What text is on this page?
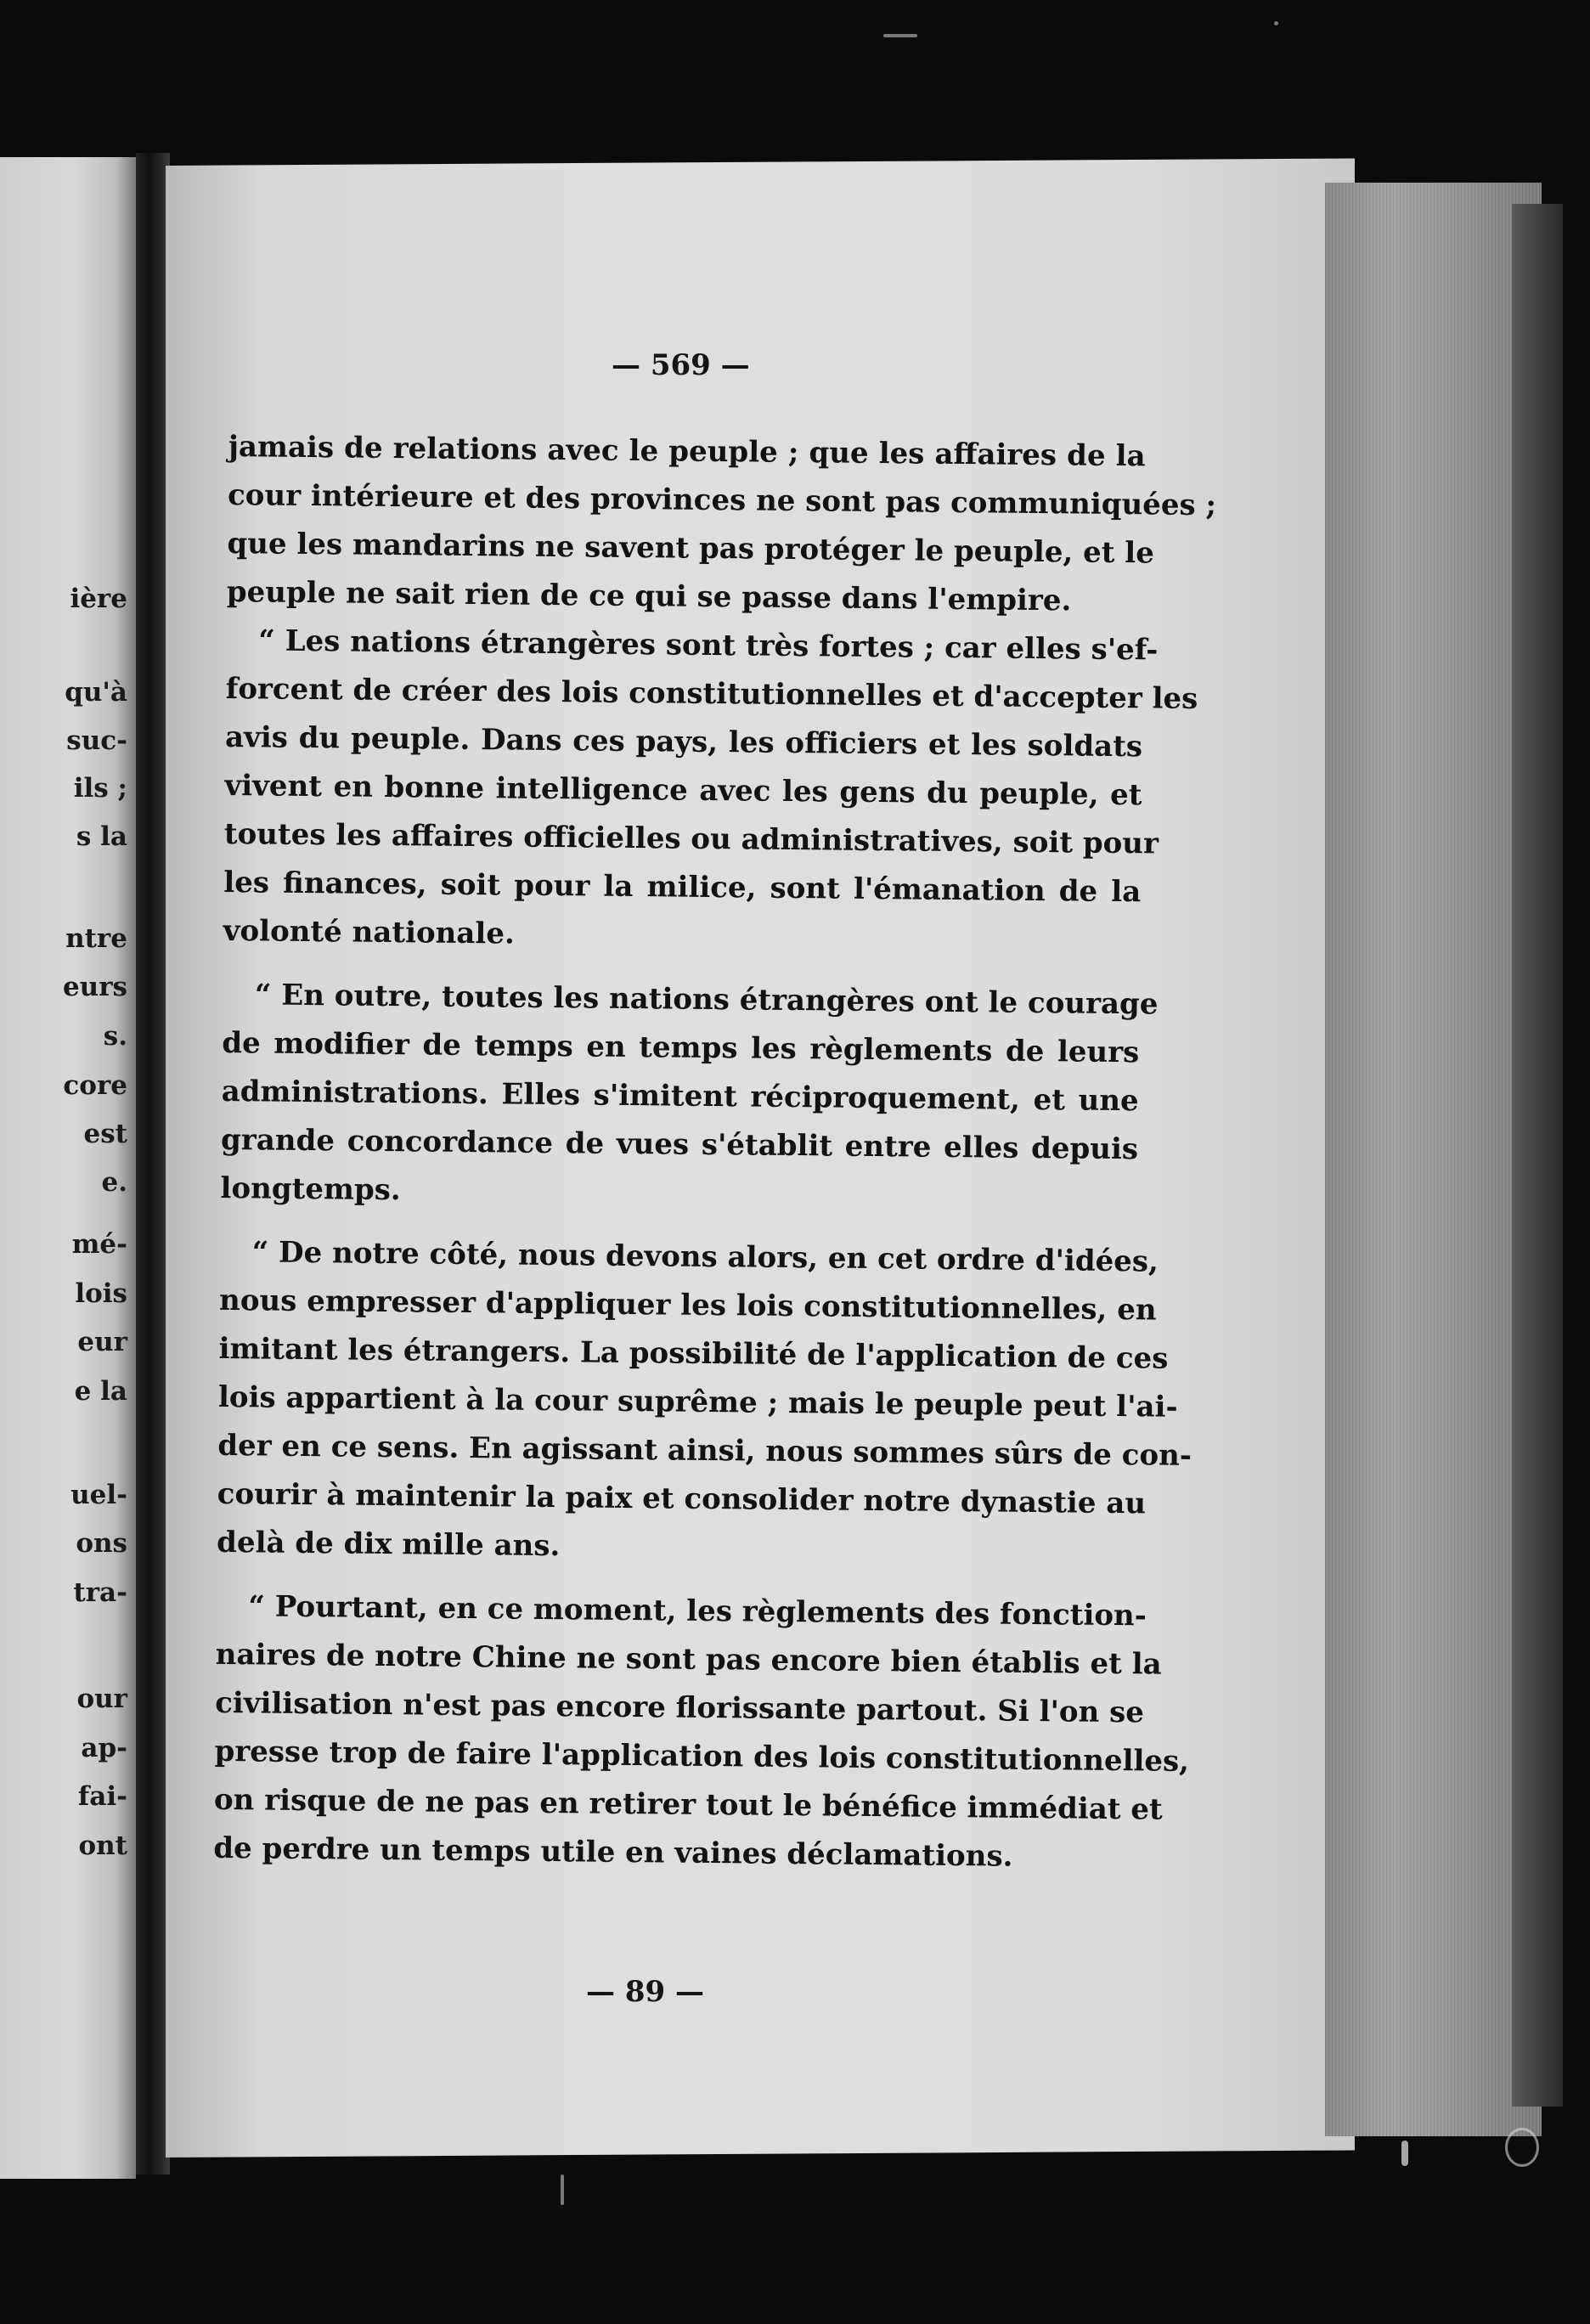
ière
qu'à
suc-
ils ;
s la
ntre
eurs
s.
core
est
e.
mé-
lois
eur
e la
uel-
ons
tra-
our
ap-
fai-
ont
— 569 —
jamais de relations avec le peuple ; que les affaires de la
cour intérieure et des provinces ne sont pas communiquées ;
que les mandarins ne savent pas protéger le peuple, et le
peuple ne sait rien de ce qui se passe dans l'empire.
“ Les nations étrangères sont très fortes ; car elles s'ef-
forcent de créer des lois constitutionnelles et d'accepter les
avis du peuple. Dans ces pays, les officiers et les soldats
vivent en bonne intelligence avec les gens du peuple, et
toutes les affaires officielles ou administratives, soit pour
les finances, soit pour la milice, sont l'émanation de la
volonté nationale.
“ En outre, toutes les nations étrangères ont le courage
de modifier de temps en temps les règlements de leurs
administrations. Elles s'imitent réciproquement, et une
grande concordance de vues s'établit entre elles depuis
longtemps.
“ De notre côté, nous devons alors, en cet ordre d'idées,
nous empresser d'appliquer les lois constitutionnelles, en
imitant les étrangers. La possibilité de l'application de ces
lois appartient à la cour suprême ; mais le peuple peut l'ai-
der en ce sens. En agissant ainsi, nous sommes sûrs de con-
courir à maintenir la paix et consolider notre dynastie au
delà de dix mille ans.
“ Pourtant, en ce moment, les règlements des fonction-
naires de notre Chine ne sont pas encore bien établis et la
civilisation n'est pas encore florissante partout. Si l'on se
presse trop de faire l'application des lois constitutionnelles,
on risque de ne pas en retirer tout le bénéfice immédiat et
de perdre un temps utile en vaines déclamations.
— 89 —
